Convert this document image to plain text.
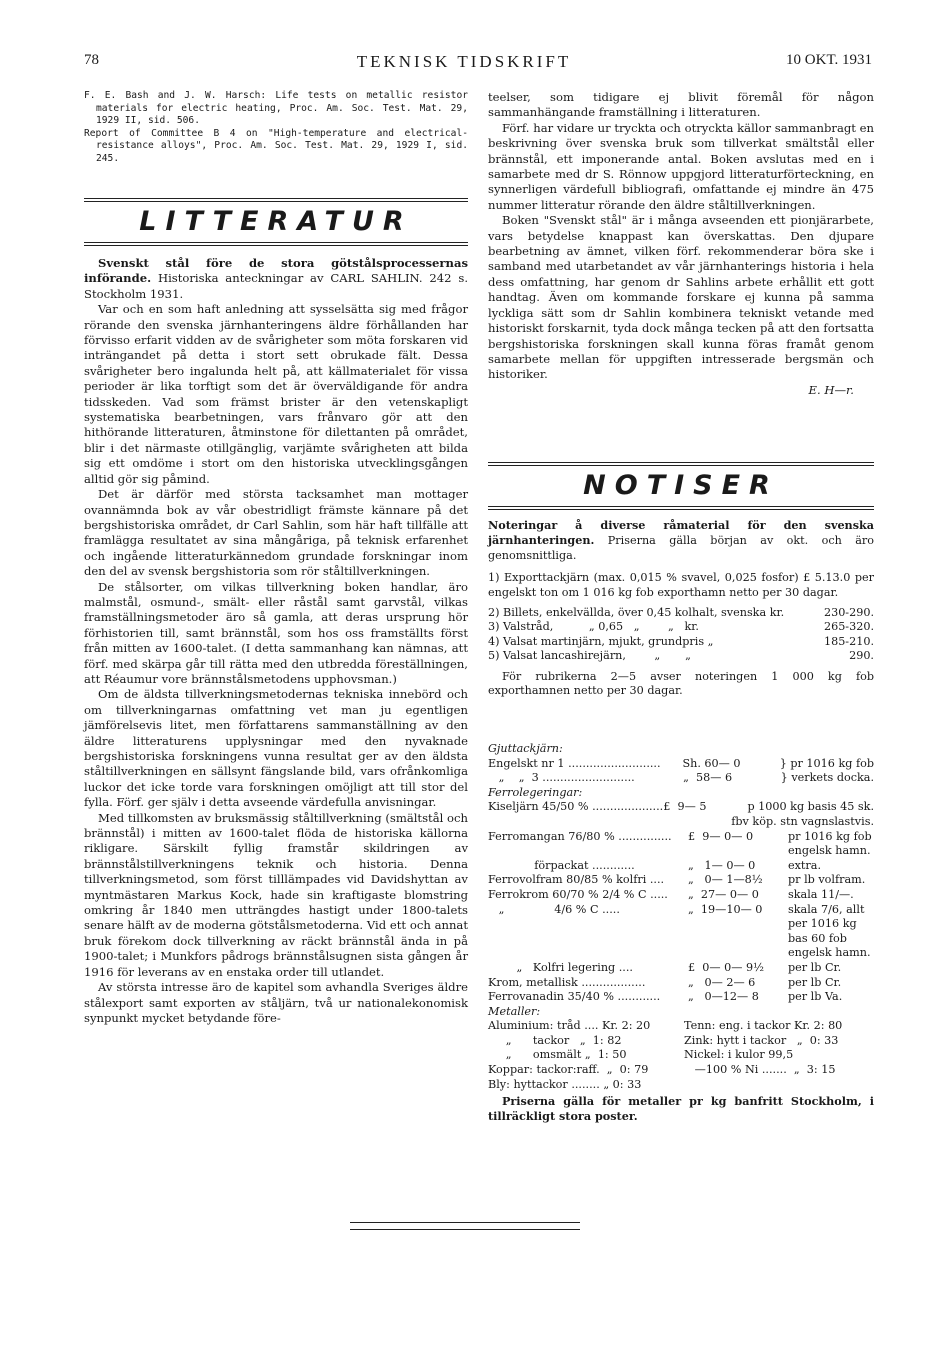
78	TEKNISK TIDSKRIFT	10 OKT. 1931

F. E. Bash and J. W. Harsch: Life tests on metallic resistor materials for electric heating, Proc. Am. Soc. Test. Mat. 29, 1929 II, sid. 506.

Report of Committee B 4 on "High-temperature and electrical-resistance alloys", Proc. Am. Soc. Test. Mat. 29, 1929 I, sid. 245.

LITTERATUR

Svenskt stål före de stora götstålsprocessernas införande. Historiska anteckningar av CARL SAHLIN. 242 s. Stockholm 1931.

Var och en som haft anledning att sysselsätta sig med frågor rörande den svenska järnhanteringens äldre förhållanden har förvisso erfarit vidden av de svårigheter som möta forskaren vid inträngandet på detta i stort sett obrukade fält. Dessa svårigheter bero ingalunda helt på, att källmaterialet för vissa perioder är lika torftigt som det är överväldigande för andra tidsskeden. Vad som främst brister är den vetenskapligt systematiska bearbetningen, vars frånvaro gör att den hithörande litteraturen, åtminstone för dilettanten på området, blir i det närmaste otillgänglig, varjämte svårigheten att bilda sig ett omdöme i stort om den historiska utvecklingsgången alltid gör sig påmind.

Det är därför med största tacksamhet man mottager ovannämnda bok av vår obestridligt främste kännare på det bergshistoriska området, dr Carl Sahlin, som här haft tillfälle att framlägga resultatet av sina mångåriga, på teknisk erfarenhet och ingående litteraturkännedom grundade forskningar inom den del av svensk bergshistoria som rör ståltillverkningen.

De stålsorter, om vilkas tillverkning boken handlar, äro malmstål, osmund-, smält- eller råstål samt garvstål, vilkas framställningsmetoder äro så gamla, att deras ursprung hör förhistorien till, samt brännstål, som hos oss framställts först från mitten av 1600-talet. (I detta sammanhang kan nämnas, att förf. med skärpa går till rätta med den utbredda föreställningen, att Réaumur vore brännstålsmetodens upphovsman.)

Om de äldsta tillverkningsmetodernas tekniska innebörd och om tillverkningarnas omfattning vet man ju egentligen jämförelsevis litet, men författarens sammanställning av den äldre litteraturens upplysningar med den nyvaknade bergshistoriska forskningens vunna resultat ger av den äldsta ståltillverkningen en sällsynt fängslande bild, vars ofrånkomliga luckor det icke torde vara forskningen omöjligt att till stor del fylla. Förf. ger själv i detta avseende värdefulla anvisningar.

Med tillkomsten av bruksmässig ståltillverkning (smältstål och brännstål) i mitten av 1600-talet flöda de historiska källorna rikligare. Särskilt fyllig framstår skildringen av brännstålstillverkningens teknik och historia. Denna tillverkningsmetod, som först tilllämpades vid Davidshyttan av myntmästaren Markus Kock, hade sin kraftigaste blomstring omkring år 1840 men utträngdes hastigt under 1800-talets senare hälft av de moderna götstålsmetoderna. Vid ett och annat bruk förekom dock tillverkning av räckt brännstål ända in på 1900-talet; i Munkfors pådrogs brännstålsugnen sista gången år 1916 för leverans av en enstaka order till utlandet.

Av största intresse äro de kapitel som avhandla Sveriges äldre stålexport samt exporten av ståljärn, två ur nationalekonomisk synpunkt mycket betydande före-

teelser, som tidigare ej blivit föremål för någon sammanhängande framställning i litteraturen.

Förf. har vidare ur tryckta och otryckta källor sammanbragt en beskrivning över svenska bruk som tillverkat smältstål eller brännstål, ett imponerande antal. Boken avslutas med en i samarbete med dr S. Rönnow uppgjord litteraturförteckning, en synnerligen värdefull bibliografi, omfattande ej mindre än 475 nummer litteratur rörande den äldre ståltillverkningen.

Boken "Svenskt stål" är i många avseenden ett pionjärarbete, vars betydelse knappast kan överskattas. Den djupare bearbetning av ämnet, vilken förf. rekommenderar böra ske i samband med utarbetandet av vår järnhanterings historia i hela dess omfattning, har genom dr Sahlins arbete erhållit ett gott handtag. Även om kommande forskare ej kunna på samma lyckliga sätt som dr Sahlin kombinera tekniskt vetande med historiskt forskarnit, tyda dock många tecken på att den fortsatta bergshistoriska forskningen skall kunna föras framåt genom samarbete mellan för uppgiften intresserade bergsmän och historiker.

E. H—r.
NOTISER
Noteringar å diverse råmaterial för den svenska järnhanteringen. Priserna gälla början av okt. och äro genomsnittliga.
1) Exporttackjärn (max. 0,015 % svavel, 0,025 fosfor) £ 5.13.0 per engelskt ton om 1 016 kg fob exporthamn netto per 30 dagar.
2) Billets, enkelvällda, över 0,45 kolhalt, svenska kr.	230-290.
3) Valstråd,          „ 0,65   „        „   kr.	265-320.
4) Valsat martinjärn, mjukt, grundpris „	185-210.
5) Valsat lancashirejärn,        „       „	290.
För rubrikerna 2—5 avser noteringen 1 000 kg fob exporthamnen netto per 30 dagar.
Gjuttackjärn:
Engelskt nr 1 ..........................	Sh. 60— 0	} pr 1016 kg fob
„    „  3 ..........................	„  58— 6	} verkets docka.
Ferrolegeringar:
Kiseljärn 45/50 % .................... £  9— 5	p 1000 kg basis 45 sk.
fbv köp. stn vagnslastvis.
Ferromangan 76/80 % ...............	£  9— 0— 0	pr 1016 kg fob
engelsk hamn.
förpackat ............	„   1— 0— 0	extra.
Ferrovolfram 80/85 % kolfri ....	„   0— 1—8½	pr lb volfram.
Ferrokrom 60/70 % 2/4 % C .....	„  27— 0— 0	skala 11/—.
„              4/6 % C .....	„  19—10— 0	skala 7/6, allt
per 1016 kg
bas 60 fob
engelsk hamn.
„   Kolfri legering ....	£  0— 0— 9½	per lb Cr.
Krom, metallisk ..................	„   0— 2— 6	per lb Cr.
Ferrovanadin 35/40 % ............	„   0—12— 8	per lb Va.
Metaller:
Aluminium: tråd .... Kr. 2: 20	Tenn: eng. i tackor Kr. 2: 80
„      tackor   „  1: 82	Zink: hytt i tackor   „  0: 33
„      omsmält „  1: 50	Nickel: i kulor 99,5
Koppar: tackor:raff.  „  0: 79	—100 % Ni .......  „  3: 15
Bly: hyttackor ........ „ 0: 33
Priserna gälla för metaller pr kg banfritt Stockholm, i tillräckligt stora poster.
